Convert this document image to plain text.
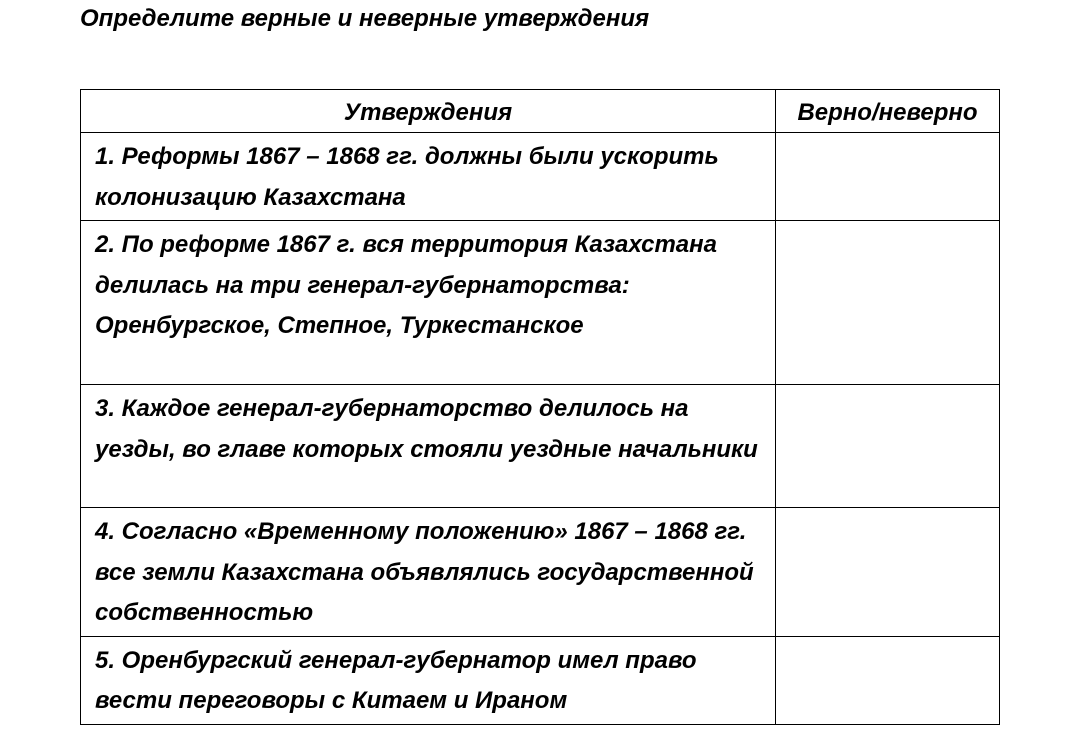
Определите верные и неверные утверждения
Утверждения	Верно/неверно
1. Реформы 1867 – 1868 гг. должны были ускорить колонизацию Казахстана	
2. По реформе 1867 г. вся территория Казахстана делилась на три генерал-губернаторства: Оренбургское, Степное, Туркестанское	
3. Каждое генерал-губернаторство делилось на уезды, во главе которых стояли уездные начальники	
4. Согласно «Временному положению» 1867 – 1868 гг. все земли Казахстана объявлялись государственной собственностью	
5. Оренбургский генерал-губернатор имел право вести переговоры с Китаем и Ираном	
